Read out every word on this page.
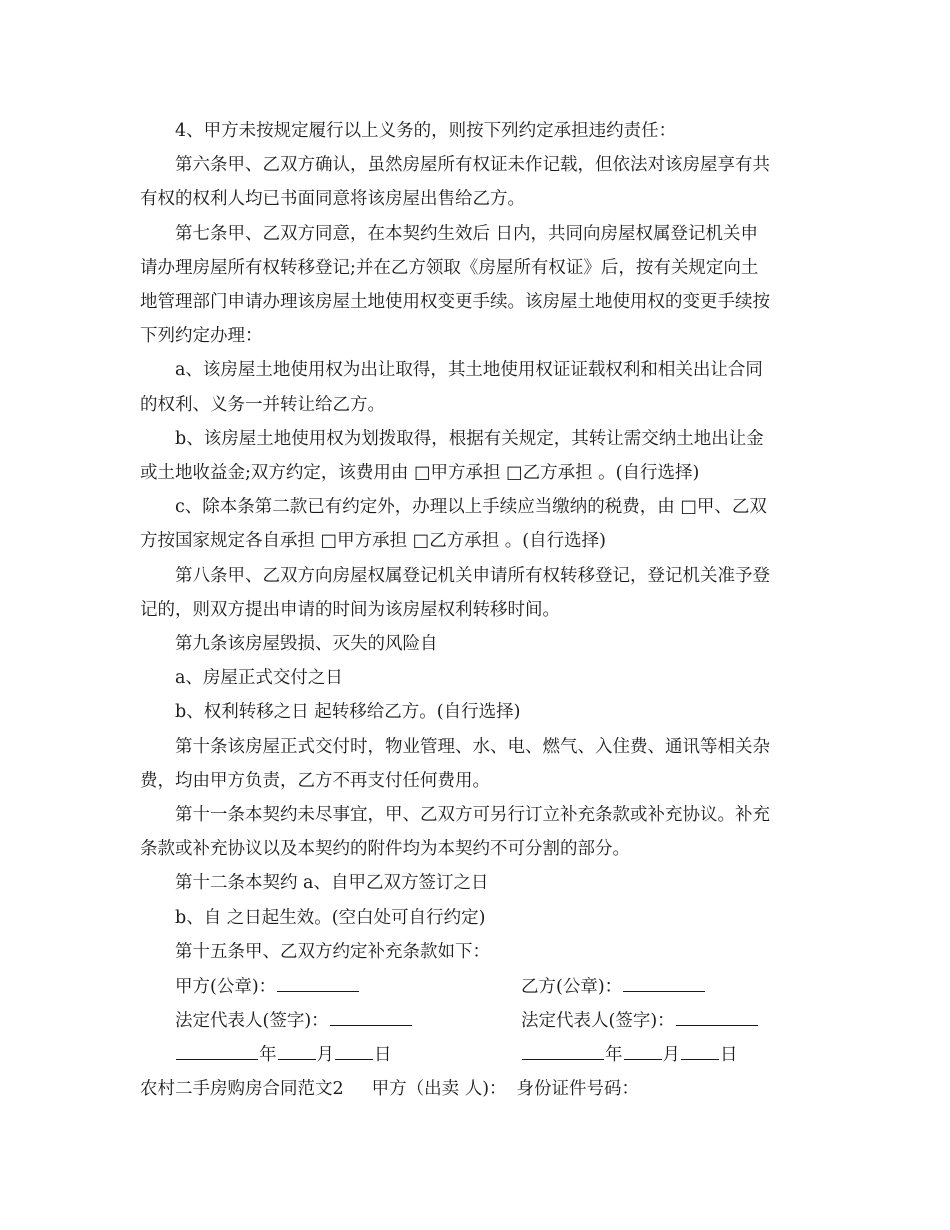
4、甲方未按规定履行以上义务的，则按下列约定承担违约责任：

第六条甲、乙双方确认，虽然房屋所有权证未作记载，但依法对该房屋享有共

有权的权利人均已书面同意将该房屋出售给乙方。

第七条甲、乙双方同意，在本契约生效后 日内，共同向房屋权属登记机关申

请办理房屋所有权转移登记;并在乙方领取《房屋所有权证》后，按有关规定向土

地管理部门申请办理该房屋土地使用权变更手续。该房屋土地使用权的变更手续按

下列约定办理：

a、该房屋土地使用权为出让取得，其土地使用权证证载权利和相关出让合同

的权利、义务一并转让给乙方。

b、该房屋土地使用权为划拨取得，根据有关规定，其转让需交纳土地出让金

或土地收益金;双方约定，该费用由 □甲方承担 □乙方承担 。(自行选择)

c、除本条第二款已有约定外，办理以上手续应当缴纳的税费，由 □甲、乙双

方按国家规定各自承担 □甲方承担 □乙方承担 。(自行选择)

第八条甲、乙双方向房屋权属登记机关申请所有权转移登记，登记机关准予登

记的，则双方提出申请的时间为该房屋权利转移时间。

第九条该房屋毁损、灭失的风险自

a、房屋正式交付之日

b、权利转移之日 起转移给乙方。(自行选择)

第十条该房屋正式交付时，物业管理、水、电、燃气、入住费、通讯等相关杂

费，均由甲方负责，乙方不再支付任何费用。

第十一条本契约未尽事宜，甲、乙双方可另行订立补充条款或补充协议。补充

条款或补充协议以及本契约的附件均为本契约不可分割的部分。

第十二条本契约 a、自甲乙双方签订之日

b、自 之日起生效。(空白处可自行约定)

第十五条甲、乙双方约定补充条款如下：

甲方(公章)：	乙方(公章)：
法定代表人(签字)：	法定代表人(签字)：
年 月 日	年 月 日
农村二手房购房合同范文2 甲方（出卖 人)： 身份证件号码：
